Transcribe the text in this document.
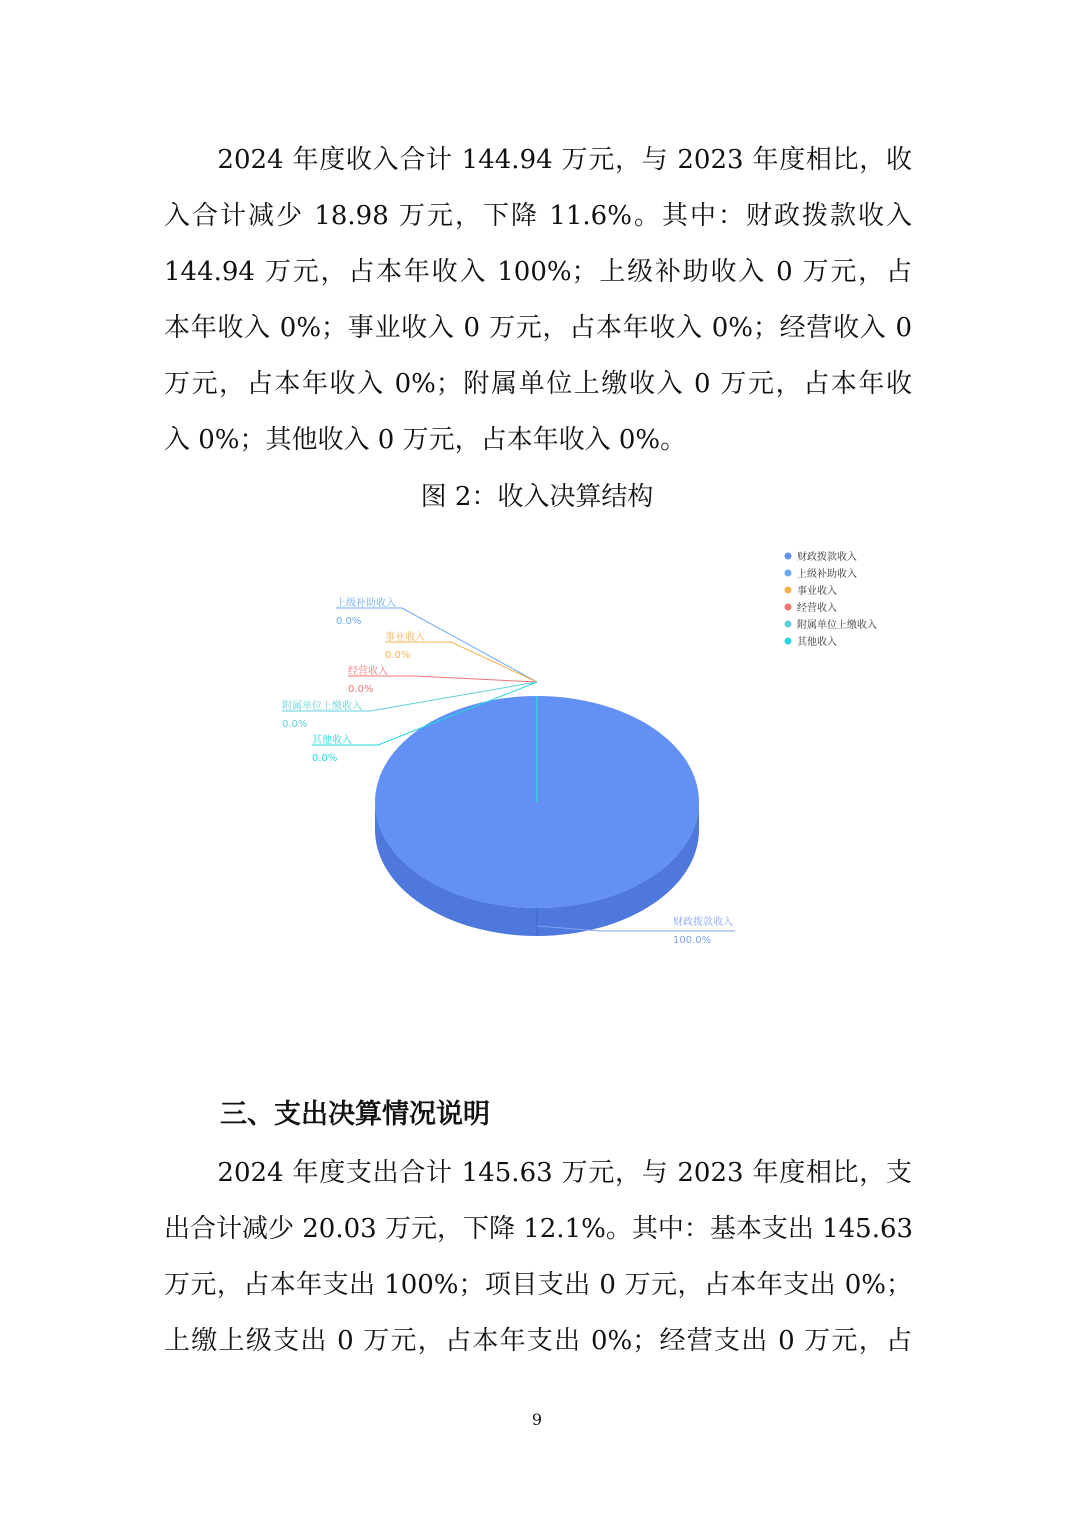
　　2024 年度收入合计 144.94 万元，与 2023 年度相比，收
入合计减少 18.98 万元，下降 11.6%。其中：财政拨款收入
144.94 万元，占本年收入 100%；上级补助收入 0 万元，占
本年收入 0%；事业收入 0 万元，占本年收入 0%；经营收入 0
万元，占本年收入 0%；附属单位上缴收入 0 万元，占本年收
入 0%；其他收入 0 万元，占本年收入 0%。
图 2：收入决算结构
财政拨款收入
100.0%
上级补助收入
0.0%
事业收入
0.0%
经营收入
0.0%
附属单位上缴收入
0.0%
其他收入
0.0%
财政拨款收入
上级补助收入
事业收入
经营收入
附属单位上缴收入
其他收入
三、支出决算情况说明
　　2024 年度支出合计 145.63 万元，与 2023 年度相比，支
出合计减少 20.03 万元，下降 12.1%。其中：基本支出 145.63
万元，占本年支出 100%；项目支出 0 万元，占本年支出 0%；
上缴上级支出 0 万元，占本年支出 0%；经营支出 0 万元，占
9
